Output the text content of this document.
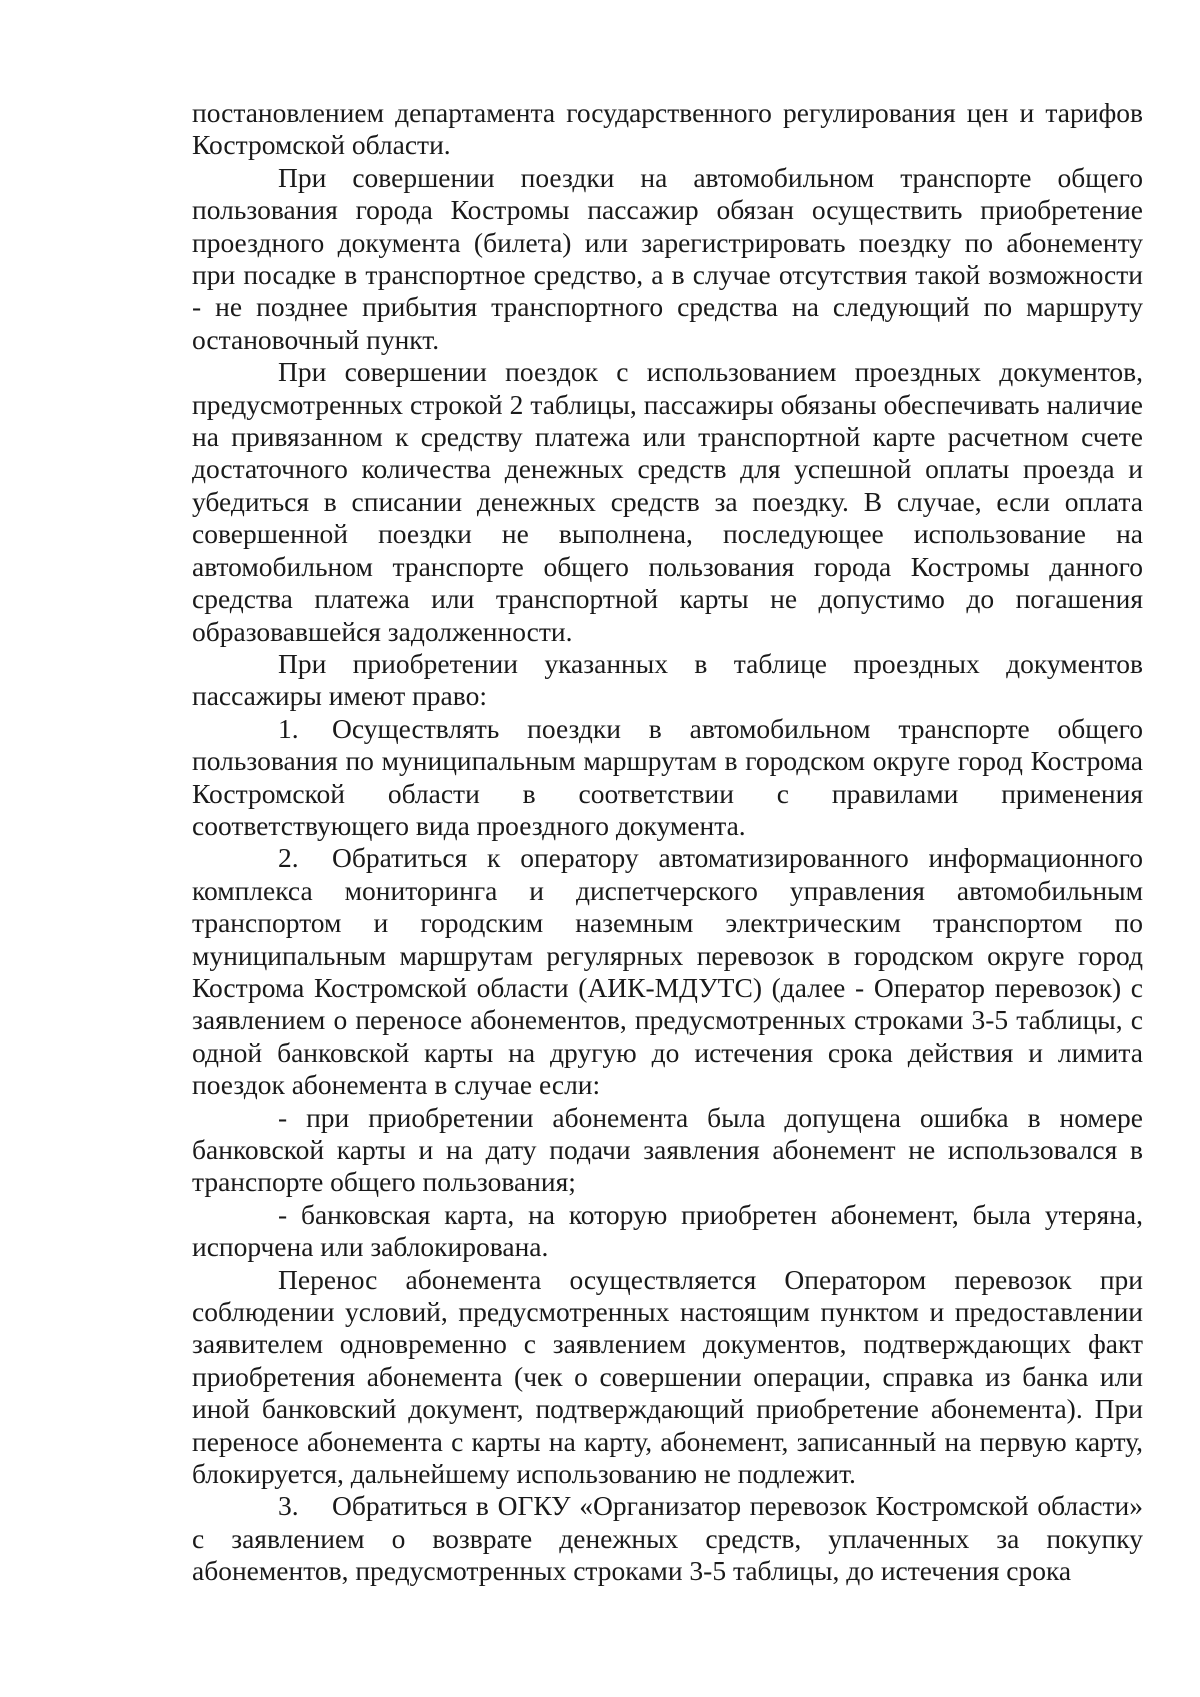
постановлением департамента государственного регулирования цен и тарифов Костромской области.

При совершении поездки на автомобильном транспорте общего пользования города Костромы пассажир обязан осуществить приобретение проездного документа (билета) или зарегистрировать поездку по абонементу при посадке в транспортное средство, а в случае отсутствия такой возможности - не позднее прибытия транспортного средства на следующий по маршруту остановочный пункт.

При совершении поездок с использованием проездных документов, предусмотренных строкой 2 таблицы, пассажиры обязаны обеспечивать наличие на привязанном к средству платежа или транспортной карте расчетном счете достаточного количества денежных средств для успешной оплаты проезда и убедиться в списании денежных средств за поездку. В случае, если оплата совершенной поездки не выполнена, последующее использование на автомобильном транспорте общего пользования города Костромы данного средства платежа или транспортной карты не допустимо до погашения образовавшейся задолженности.

При приобретении указанных в таблице проездных документов пассажиры имеют право:

1. Осуществлять поездки в автомобильном транспорте общего пользования по муниципальным маршрутам в городском округе город Кострома Костромской области в соответствии с правилами применения соответствующего вида проездного документа.

2. Обратиться к оператору автоматизированного информационного комплекса мониторинга и диспетчерского управления автомобильным транспортом и городским наземным электрическим транспортом по муниципальным маршрутам регулярных перевозок в городском округе город Кострома Костромской области (АИК-МДУТС) (далее - Оператор перевозок) с заявлением о переносе абонементов, предусмотренных строками 3-5 таблицы, с одной банковской карты на другую до истечения срока действия и лимита поездок абонемента в случае если:

- при приобретении абонемента была допущена ошибка в номере банковской карты и на дату подачи заявления абонемент не использовался в транспорте общего пользования;

- банковская карта, на которую приобретен абонемент, была утеряна, испорчена или заблокирована.

Перенос абонемента осуществляется Оператором перевозок при соблюдении условий, предусмотренных настоящим пунктом и предоставлении заявителем одновременно с заявлением документов, подтверждающих факт приобретения абонемента (чек о совершении операции, справка из банка или иной банковский документ, подтверждающий приобретение абонемента). При переносе абонемента с карты на карту, абонемент, записанный на первую карту, блокируется, дальнейшему использованию не подлежит.

3. Обратиться в ОГКУ «Организатор перевозок Костромской области» с заявлением о возврате денежных средств, уплаченных за покупку абонементов, предусмотренных строками 3-5 таблицы, до истечения срока
